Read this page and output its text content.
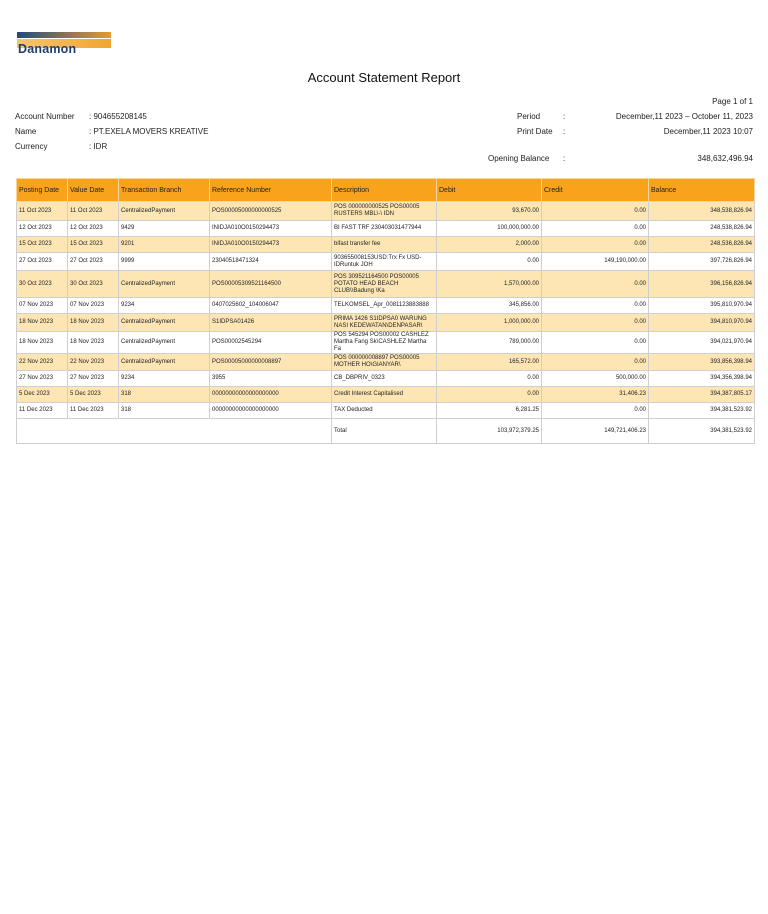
Danamon
Account Statement Report
Page 1 of 1
Account Number : 904655208145
Name	: PT.EXELA MOVERS KREATIVE
Currency	: IDR
Period	:	December,11 2023 – October 11, 2023
Print Date :	December,11 2023 10:07
Opening Balance :	348,632,496.94
Posting Date	Value Date	Transaction Branch	Reference Number	Description	Debit	Credit	Balance
11 Oct 2023	11 Oct 2023	CentralizedPayment	POS00005000000000525	POS 000000000525 POS00005 RUSTERS MBL\-\ IDN	93,670.00	0.00	348,538,826.94
12 Oct 2023	12 Oct 2023	9429	INIDJA010O0150294473	BI FAST TRF 230403031477944	100,000,000.00	0.00	248,538,826.94
15 Oct 2023	15 Oct 2023	9201	INIDJA010O0150294473	bifast transfer fee	2,000.00	0.00	248,536,826.94
27 Oct 2023	27 Oct 2023	9999	23040518471324	903655008153USD:Trx Fx USD-IDRuntuk JOH	0.00	149,190,000.00	397,726,826.94
30 Oct 2023	30 Oct 2023	CentralizedPayment	POS00005309521164500	POS 309521164500 POS00005 POTATO HEAD BEACH CLUB\\Badung \Ka	1,570,000.00	0.00	396,156,826.94
07 Nov 2023	07 Nov 2023	9234	0407025602_104006047	TELKOMSEL_Apr_0081123883888	345,856.00	0.00	395,810,970.94
18 Nov 2023	18 Nov 2023	CentralizedPayment	S1IDPSA01426	PRIMA 1426 S1IDPSA0 WARUNG NASI KEDEWATAN\DENPASAR\	1,000,000.00	0.00	394,810,970.94
18 Nov 2023	18 Nov 2023	CentralizedPayment	POS00002545294	POS 545294 POS00002 CASHLEZ Martha Fang Sk\CASHLEZ Martha Fa	789,000.00	0.00	394,021,970.94
22 Nov 2023	22 Nov 2023	CentralizedPayment	POS00005000000008897	POS 000000008897 POS00005 MOTHER HO\GIANYAR\	165,572.00	0.00	393,856,398.94
27 Nov 2023	27 Nov 2023	9234	3955	CB_DBPRIV_0323	0.00	500,000.00	394,356,398.94
5 Dec 2023	5 Dec 2023	318	00000000000000000000	Credit Interest Capitalised	0.00	31,406.23	394,387,805.17
11 Dec 2023	11 Dec 2023	318	00000000000000000000	TAX Deducted	6,281.25	0.00	394,381,523.92
				Total	103,972,379.25	149,721,406.23	394,381,523.92
